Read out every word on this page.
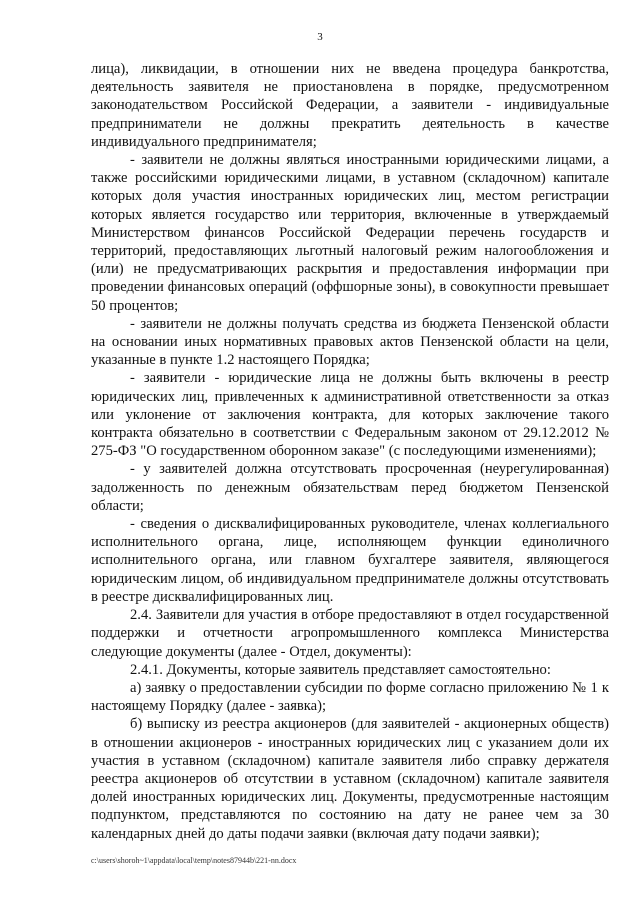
3

лица), ликвидации, в отношении них не введена процедура банкротства, деятельность заявителя не приостановлена в порядке, предусмотренном законодательством Российской Федерации, а заявители - индивидуальные предприниматели не должны прекратить деятельность в качестве индивидуального предпринимателя;

- заявители не должны являться иностранными юридическими лицами, а также российскими юридическими лицами, в уставном (складочном) капитале которых доля участия иностранных юридических лиц, местом регистрации которых является государство или территория, включенные в утверждаемый Министерством финансов Российской Федерации перечень государств и территорий, предоставляющих льготный налоговый режим налогообложения и (или) не предусматривающих раскрытия и предоставления информации при проведении финансовых операций (оффшорные зоны), в совокупности превышает 50 процентов;

- заявители не должны получать средства из бюджета Пензенской области на основании иных нормативных правовых актов Пензенской области на цели, указанные в пункте 1.2 настоящего Порядка;

- заявители - юридические лица не должны быть включены в реестр юридических лиц, привлеченных к административной ответственности за отказ или уклонение от заключения контракта, для которых заключение такого контракта обязательно в соответствии с Федеральным законом от 29.12.2012 № 275-ФЗ "О государственном оборонном заказе" (с последующими изменениями);

- у заявителей должна отсутствовать просроченная (неурегулированная) задолженность по денежным обязательствам перед бюджетом Пензенской области;

- сведения о дисквалифицированных руководителе, членах коллегиального исполнительного органа, лице, исполняющем функции единоличного исполнительного органа, или главном бухгалтере заявителя, являющегося юридическим лицом, об индивидуальном предпринимателе должны отсутствовать в реестре дисквалифицированных лиц.

2.4. Заявители для участия в отборе предоставляют в отдел государственной поддержки и отчетности агропромышленного комплекса Министерства следующие документы (далее - Отдел, документы):

2.4.1. Документы, которые заявитель представляет самостоятельно:

а) заявку о предоставлении субсидии по форме согласно приложению № 1 к настоящему Порядку (далее - заявка);

б) выписку из реестра акционеров (для заявителей - акционерных обществ) в отношении акционеров - иностранных юридических лиц с указанием доли их участия в уставном (складочном) капитале заявителя либо справку держателя реестра акционеров об отсутствии в уставном (складочном) капитале заявителя долей иностранных юридических лиц. Документы, предусмотренные настоящим подпунктом, представляются по состоянию на дату не ранее чем за 30 календарных дней до даты подачи заявки (включая дату подачи заявки);

c:\users\shoroh~1\appdata\local\temp\notes87944b\221-nn.docx
